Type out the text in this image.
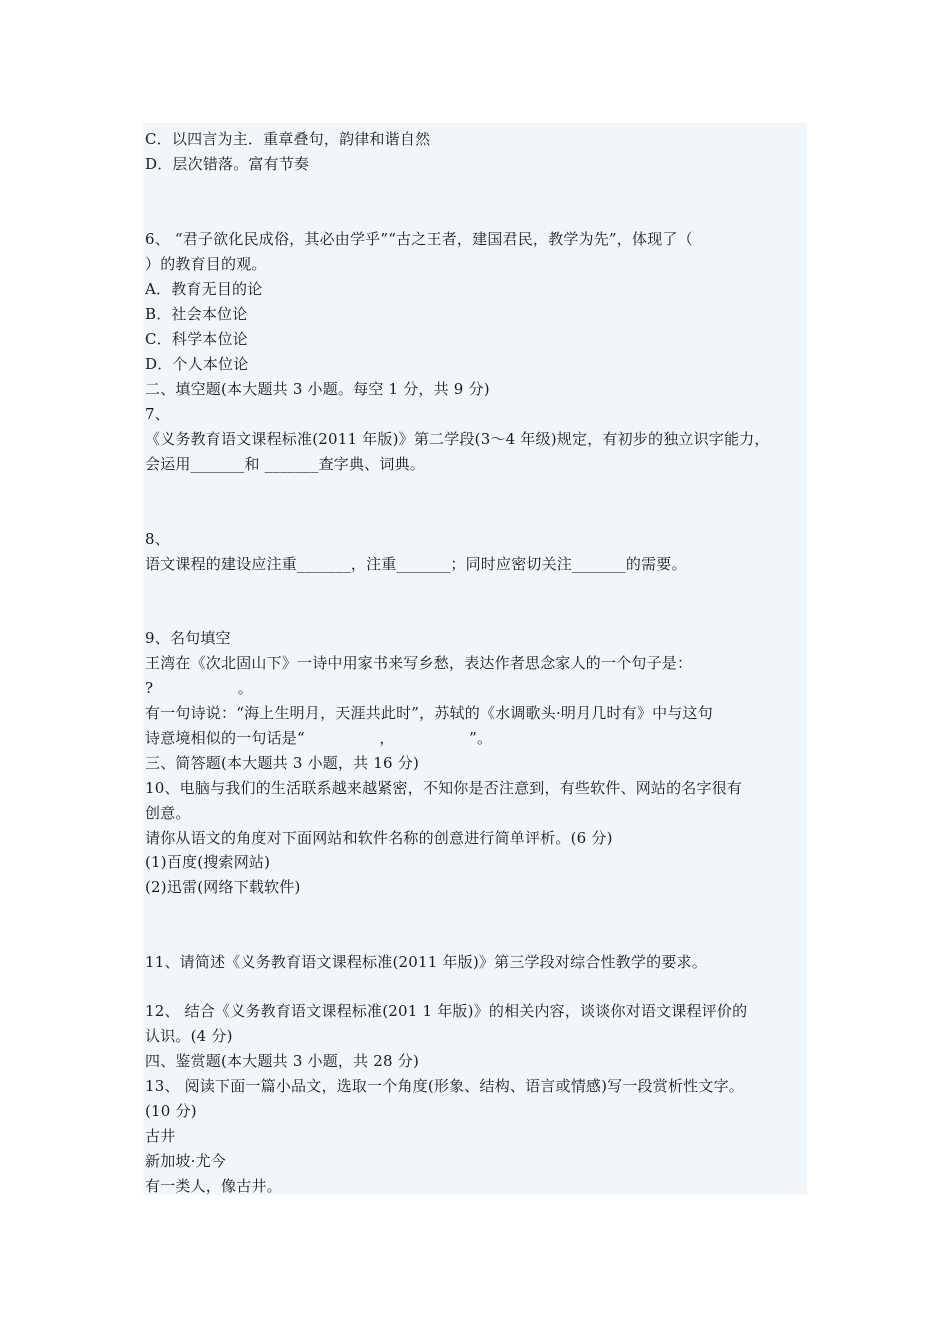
C．以四言为主．重章叠句，韵律和谐自然
D．层次错落。富有节奏
6、 “君子欲化民成俗，其必由学乎”“古之王者，建国君民，教学为先”，体现了（
）的教育目的观。
A．教育无目的论
B．社会本位论
C．科学本位论
D．个人本位论
二、填空题(本大题共 3 小题。每空 1 分，共 9 分)
7、
《义务教育语文课程标准(2011 年版)》第二学段(3～4 年级)规定，有初步的独立识字能力，
会运用_______和 _______查字典、词典。
8、
语文课程的建设应注重_______，注重_______；同时应密切关注_______的需要。
9、名句填空
王湾在《次北固山下》一诗中用家书来写乡愁，表达作者思念家人的一个句子是：
?                 。
有一句诗说：“海上生明月，天涯共此时”，苏轼的《水调歌头·明月几时有》中与这句
诗意境相似的一句话是“               ，               ”。
三、简答题(本大题共 3 小题，共 16 分)
10、电脑与我们的生活联系越来越紧密，不知你是否注意到，有些软件、网站的名字很有
创意。
请你从语文的角度对下面网站和软件名称的创意进行简单评析。(6 分)
(1)百度(搜索网站)
(2)迅雷(网络下载软件)
11、请简述《义务教育语文课程标准(2011 年版)》第三学段对综合性教学的要求。
12、 结合《义务教育语文课程标准(201 1 年版)》的相关内容，谈谈你对语文课程评价的
认识。(4 分)
四、鉴赏题(本大题共 3 小题，共 28 分)
13、 阅读下面一篇小品文，选取一个角度(形象、结构、语言或情感)写一段赏析性文字。
(10 分)
古井
新加坡·尤今
有一类人，像古井。
